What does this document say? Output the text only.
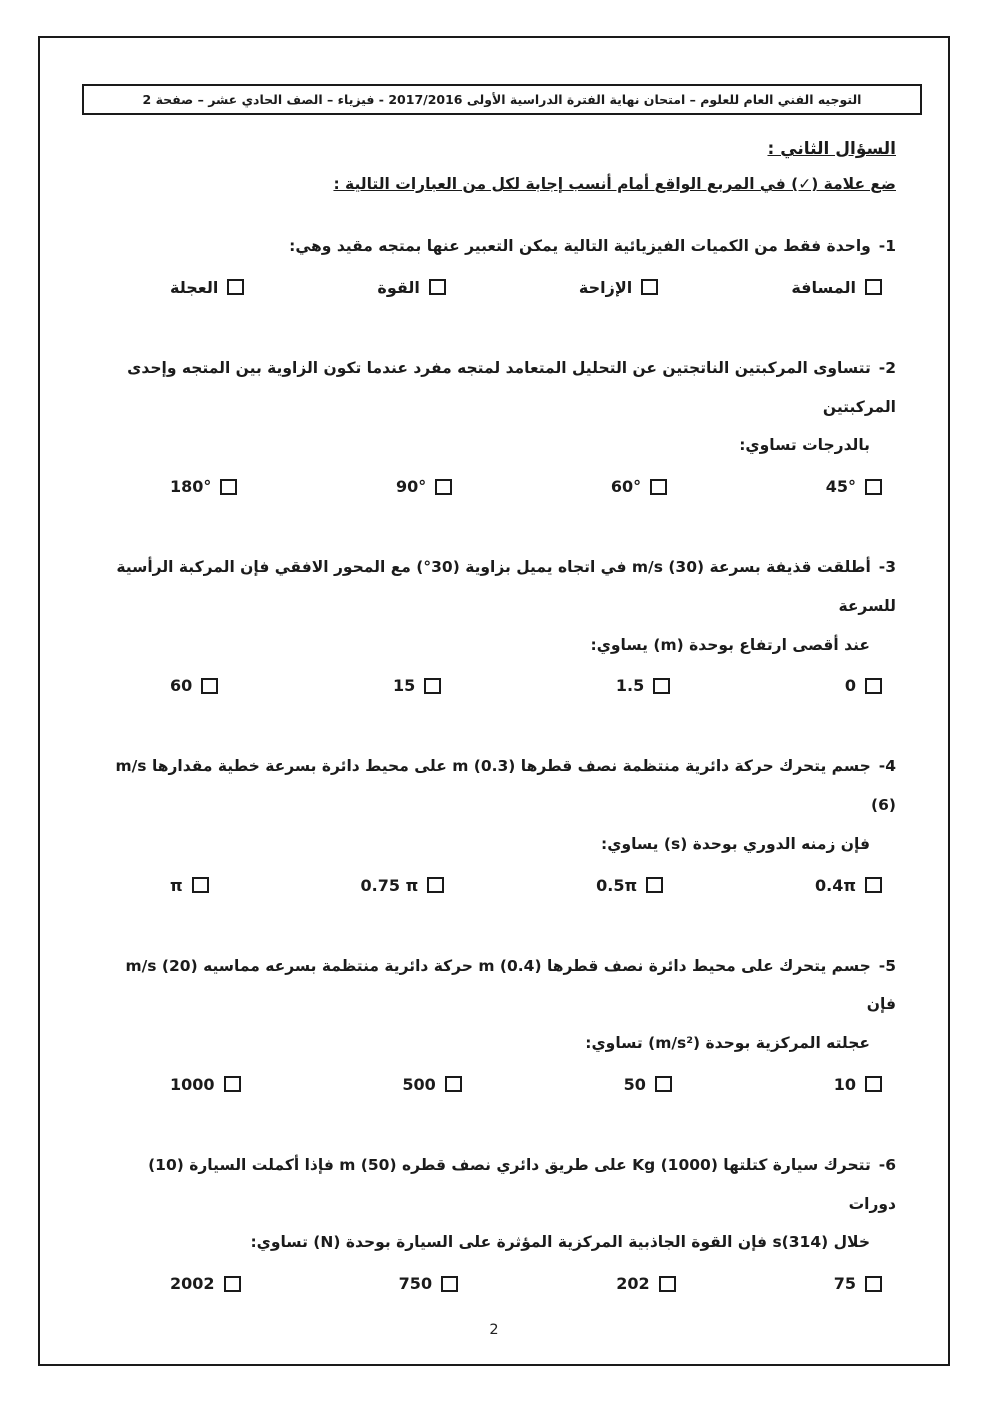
التوجيه الفني العام للعلوم – امتحان نهاية الفترة الدراسية الأولى 2017/2016 - فيزياء – الصف الحادي عشر – صفحة 2
السؤال الثاني :
ضع علامة (✓) في المربع الواقع أمام أنسب إجابة لكل من العبارات التالية :
-1واحدة فقط من الكميات الفيزيائية التالية يمكن التعبير عنها بمتجه مقيد وهي:
المسافة
الإزاحة
القوة
العجلة
-2تتساوى المركبتين الناتجتين عن التحليل المتعامد لمتجه مفرد عندما تكون الزاوية بين المتجه وإحدى المركبتين
بالدرجات تساوي:
45°
60°
90°
180°
-3أطلقت قذيفة بسرعة m/s (30) في اتجاه يميل بزاوية (30°) مع المحور الافقي فإن المركبة الرأسية للسرعة
عند أقصى ارتفاع بوحدة (m) يساوي:
0
1.5
15
60
-4جسم يتحرك حركة دائرية منتظمة نصف قطرها m (0.3) على محيط دائرة بسرعة خطية مقدارها m/s (6)
فإن زمنه الدوري بوحدة (s) يساوي:
0.4π
0.5π
0.75 π
π
-5جسم يتحرك على محيط دائرة نصف قطرها m (0.4) حركة دائرية منتظمة بسرعه مماسيه m/s (20) فإن
عجلته المركزية بوحدة (m/s²) تساوي:
10
50
500
1000
-6تتحرك سيارة كتلتها Kg (1000) على طريق دائري نصف قطره m (50) فإذا أكملت السيارة (10) دورات
خلال s(314) فإن القوة الجاذبية المركزية المؤثرة على السيارة بوحدة (N) تساوي:
75
202
750
2002
2
